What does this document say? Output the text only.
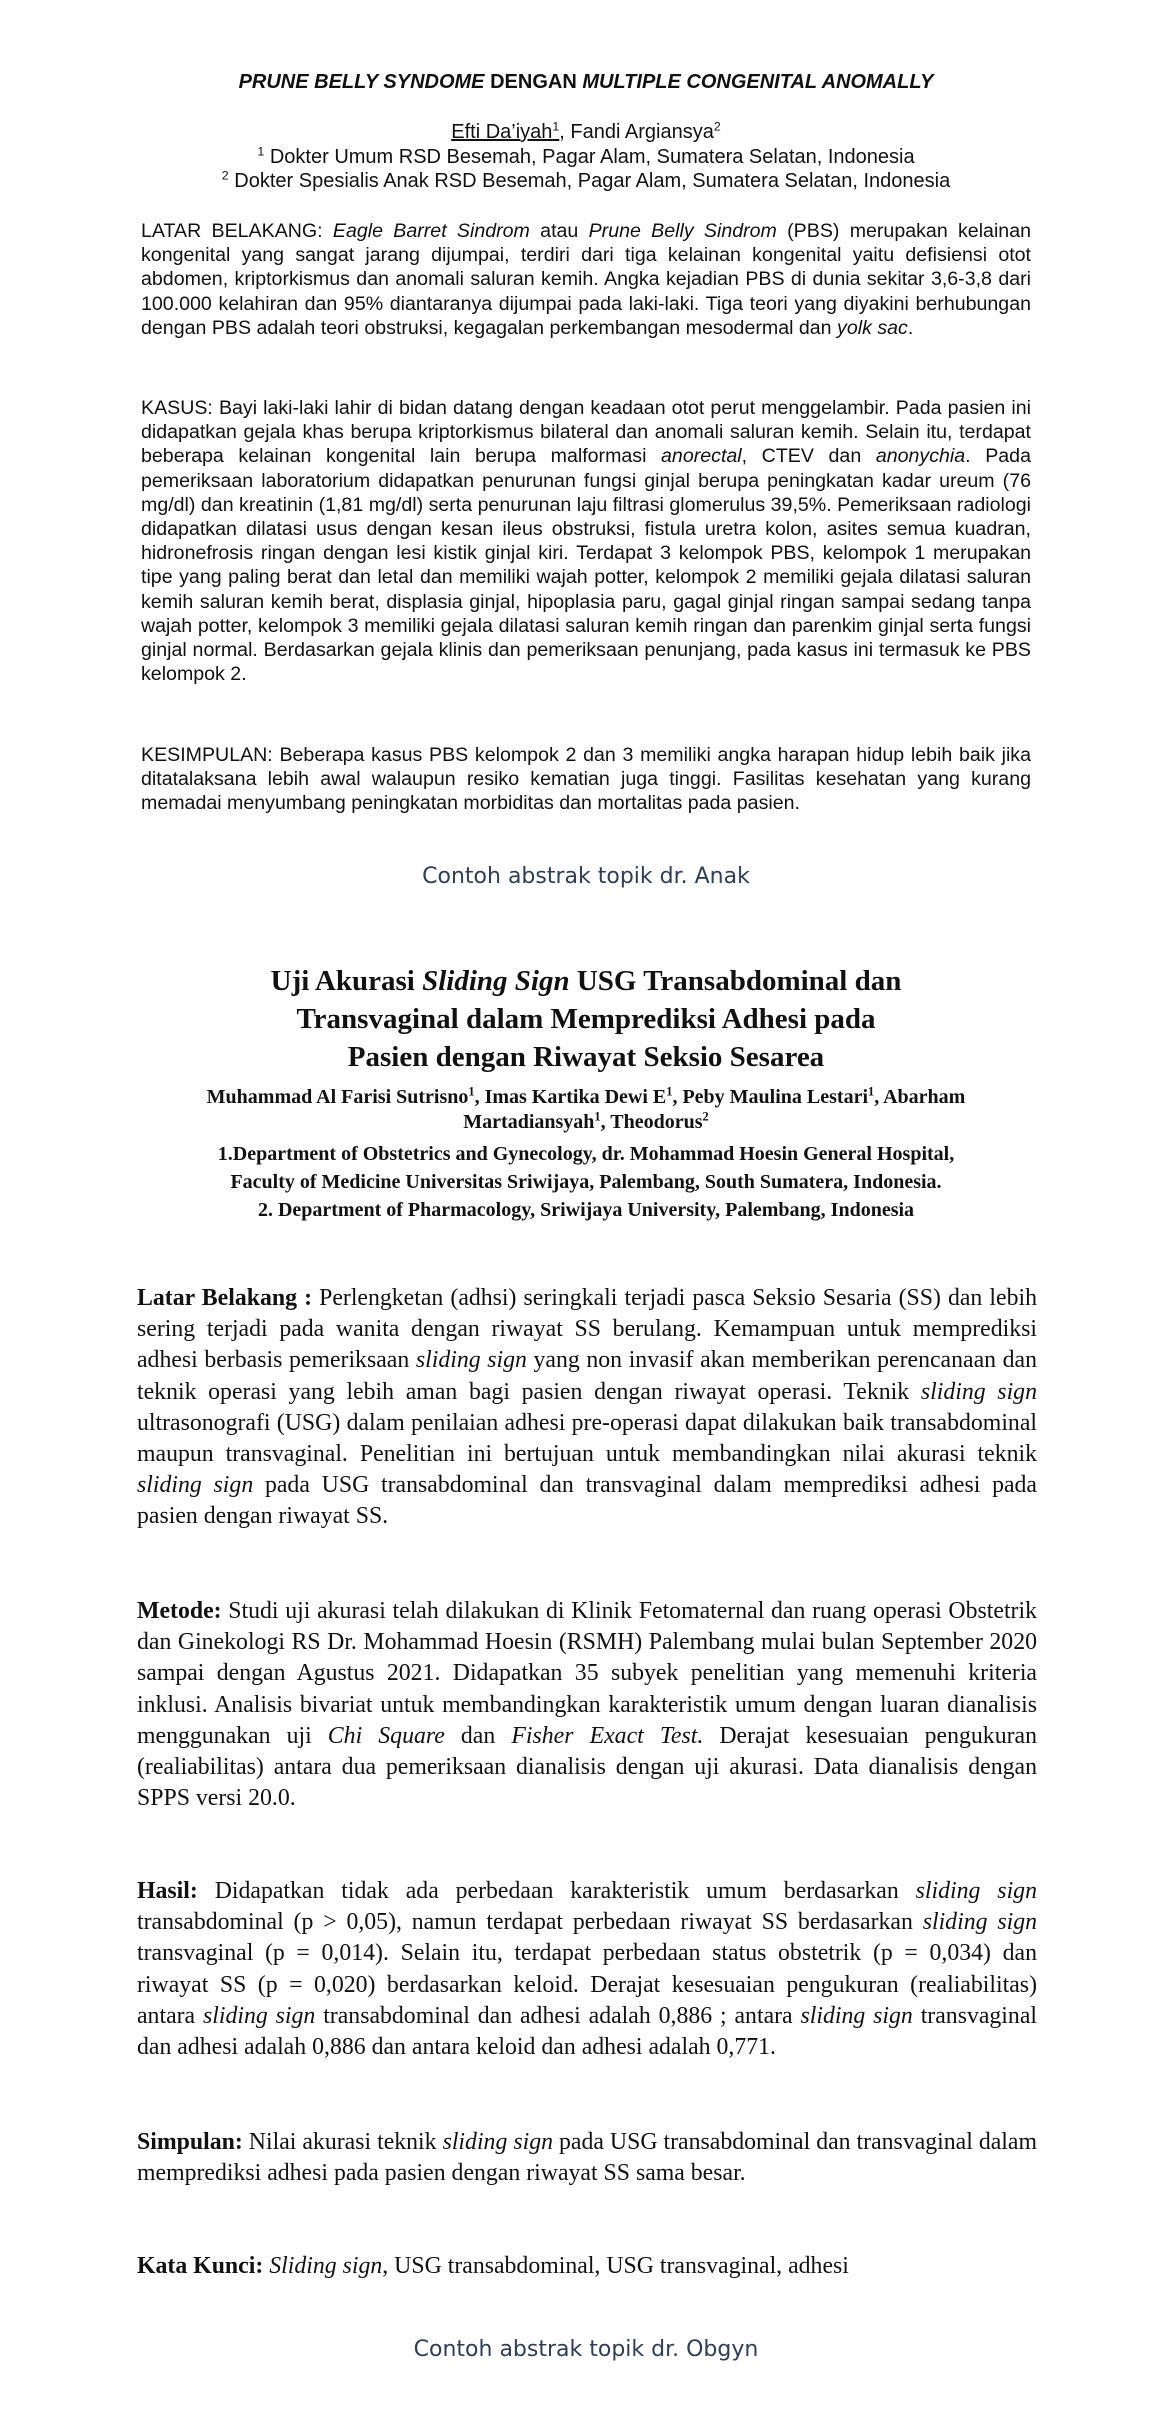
PRUNE BELLY SYNDOME DENGAN MULTIPLE CONGENITAL ANOMALLY
Efti Da’iyah$^1$, Fandi Argiansya$^2$
$^1$ Dokter Umum RSD Besemah, Pagar Alam, Sumatera Selatan, Indonesia
$^2$ Dokter Spesialis Anak RSD Besemah, Pagar Alam, Sumatera Selatan, Indonesia
LATAR BELAKANG: Eagle Barret Sindrom atau Prune Belly Sindrom (PBS) merupakan kelainan kongenital yang sangat jarang dijumpai, terdiri dari tiga kelainan kongenital yaitu defisiensi otot abdomen, kriptorkismus dan anomali saluran kemih. Angka kejadian PBS di dunia sekitar 3,6-3,8 dari 100.000 kelahiran dan 95% diantaranya dijumpai pada laki-laki. Tiga teori yang diyakini berhubungan dengan PBS adalah teori obstruksi, kegagalan perkembangan mesodermal dan yolk sac.
KASUS: Bayi laki-laki lahir di bidan datang dengan keadaan otot perut menggelambir. Pada pasien ini didapatkan gejala khas berupa kriptorkismus bilateral dan anomali saluran kemih. Selain itu, terdapat beberapa kelainan kongenital lain berupa malformasi anorectal, CTEV dan anonychia. Pada pemeriksaan laboratorium didapatkan penurunan fungsi ginjal berupa peningkatan kadar ureum (76 mg/dl) dan kreatinin (1,81 mg/dl) serta penurunan laju filtrasi glomerulus 39,5%. Pemeriksaan radiologi didapatkan dilatasi usus dengan kesan ileus obstruksi, fistula uretra kolon, asites semua kuadran, hidronefrosis ringan dengan lesi kistik ginjal kiri. Terdapat 3 kelompok PBS, kelompok 1 merupakan tipe yang paling berat dan letal dan memiliki wajah potter, kelompok 2 memiliki gejala dilatasi saluran kemih saluran kemih berat, displasia ginjal, hipoplasia paru, gagal ginjal ringan sampai sedang tanpa wajah potter, kelompok 3 memiliki gejala dilatasi saluran kemih ringan dan parenkim ginjal serta fungsi ginjal normal. Berdasarkan gejala klinis dan pemeriksaan penunjang, pada kasus ini termasuk ke PBS kelompok 2.
KESIMPULAN: Beberapa kasus PBS kelompok 2 dan 3 memiliki angka harapan hidup lebih baik jika ditatalaksana lebih awal walaupun resiko kematian juga tinggi. Fasilitas kesehatan yang kurang memadai menyumbang peningkatan morbiditas dan mortalitas pada pasien.
Contoh abstrak topik dr. Anak
Uji Akurasi Sliding Sign USG Transabdominal dan
Transvaginal dalam Memprediksi Adhesi pada
Pasien dengan Riwayat Seksio Sesarea
Muhammad Al Farisi Sutrisno$^1$, Imas Kartika Dewi $E^1$, Peby Maulina Lestari$^1$, Abarham Martadiansyah$^1$, Theodorus$^2$
1.Department of Obstetrics and Gynecology, dr. Mohammad Hoesin General Hospital,
Faculty of Medicine Universitas Sriwijaya, Palembang, South Sumatera, Indonesia.
2. Department of Pharmacology, Sriwijaya University, Palembang, Indonesia
Latar Belakang : Perlengketan (adhsi) seringkali terjadi pasca Seksio Sesaria (SS) dan lebih sering terjadi pada wanita dengan riwayat SS berulang. Kemampuan untuk memprediksi adhesi berbasis pemeriksaan sliding sign yang non invasif akan memberikan perencanaan dan teknik operasi yang lebih aman bagi pasien dengan riwayat operasi. Teknik sliding sign ultrasonografi (USG) dalam penilaian adhesi pre-operasi dapat dilakukan baik transabdominal maupun transvaginal. Penelitian ini bertujuan untuk membandingkan nilai akurasi teknik sliding sign pada USG transabdominal dan transvaginal dalam memprediksi adhesi pada pasien dengan riwayat SS.
Metode: Studi uji akurasi telah dilakukan di Klinik Fetomaternal dan ruang operasi Obstetrik dan Ginekologi RS Dr. Mohammad Hoesin (RSMH) Palembang mulai bulan September 2020 sampai dengan Agustus 2021. Didapatkan 35 subyek penelitian yang memenuhi kriteria inklusi. Analisis bivariat untuk membandingkan karakteristik umum dengan luaran dianalisis menggunakan uji Chi Square dan Fisher Exact Test. Derajat kesesuaian pengukuran (realiabilitas) antara dua pemeriksaan dianalisis dengan uji akurasi. Data dianalisis dengan SPPS versi 20.0.
Hasil: Didapatkan tidak ada perbedaan karakteristik umum berdasarkan sliding sign transabdominal (p > 0,05), namun terdapat perbedaan riwayat SS berdasarkan sliding sign transvaginal (p = 0,014). Selain itu, terdapat perbedaan status obstetrik (p = 0,034) dan riwayat SS (p = 0,020) berdasarkan keloid. Derajat kesesuaian pengukuran (realiabilitas) antara sliding sign transabdominal dan adhesi adalah 0,886 ; antara sliding sign transvaginal dan adhesi adalah 0,886 dan antara keloid dan adhesi adalah 0,771.
Simpulan: Nilai akurasi teknik sliding sign pada USG transabdominal dan transvaginal dalam memprediksi adhesi pada pasien dengan riwayat SS sama besar.
Kata Kunci: Sliding sign, USG transabdominal, USG transvaginal, adhesi
Contoh abstrak topik dr. Obgyn
